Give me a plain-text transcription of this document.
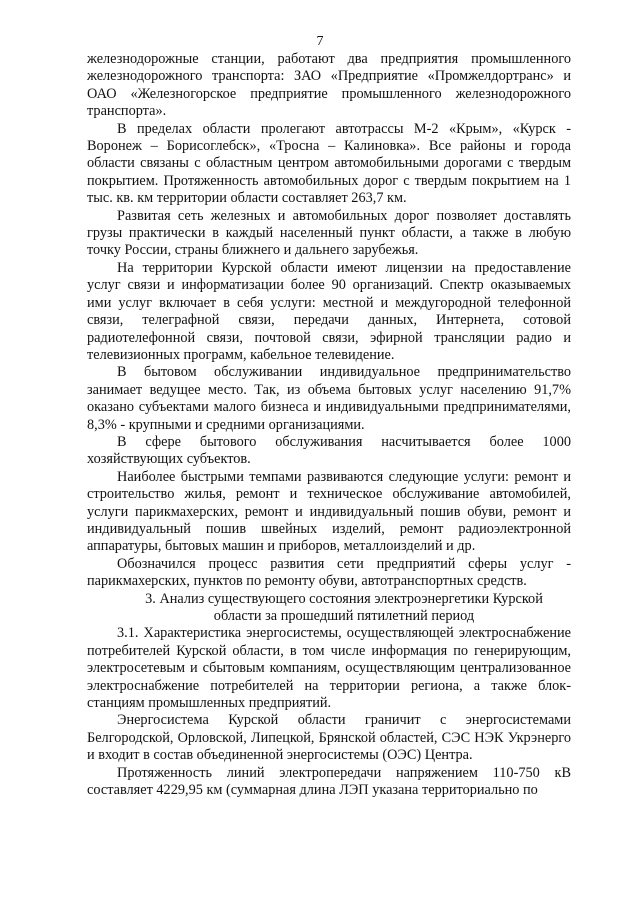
7

железнодорожные станции, работают два предприятия промышленного железнодорожного транспорта: ЗАО «Предприятие «Промжелдортранс» и ОАО «Железногорское предприятие промышленного железнодорожного транспорта».

В пределах области пролегают автотрассы М-2 «Крым», «Курск - Воронеж – Борисоглебск», «Тросна – Калиновка». Все районы и города области связаны с областным центром автомобильными дорогами с твердым покрытием. Протяженность автомобильных дорог с твердым покрытием на 1 тыс. кв. км территории области составляет 263,7 км.

Развитая сеть железных и автомобильных дорог позволяет доставлять грузы практически в каждый населенный пункт области, а также в любую точку России, страны ближнего и дальнего зарубежья.

На территории Курской области имеют лицензии на предоставление услуг связи и информатизации более 90 организаций. Спектр оказываемых ими услуг включает в себя услуги: местной и междугородной телефонной связи, телеграфной связи, передачи данных, Интернета, сотовой радиотелефонной связи, почтовой связи, эфирной трансляции радио и телевизионных программ, кабельное телевидение.

В бытовом обслуживании индивидуальное предпринимательство занимает ведущее место. Так, из объема бытовых услуг населению 91,7% оказано субъектами малого бизнеса и индивидуальными предпринимателями, 8,3% - крупными и средними организациями.

В сфере бытового обслуживания насчитывается более 1000 хозяйствующих субъектов.

Наиболее быстрыми темпами развиваются следующие услуги: ремонт и строительство жилья, ремонт и техническое обслуживание автомобилей, услуги парикмахерских, ремонт и индивидуальный пошив обуви, ремонт и индивидуальный пошив швейных изделий, ремонт радиоэлектронной аппаратуры, бытовых машин и приборов, металлоизделий и др.

Обозначился процесс развития сети предприятий сферы услуг - парикмахерских, пунктов по ремонту обуви, автотранспортных средств.

3. Анализ существующего состояния электроэнергетики Курской
области за прошедший пятилетний период

3.1. Характеристика энергосистемы, осуществляющей электроснабжение потребителей Курской области, в том числе информация по генерирующим, электросетевым и сбытовым компаниям, осуществляющим централизованное электроснабжение потребителей на территории региона, а также блок-станциям промышленных предприятий.

Энергосистема Курской области граничит с энергосистемами Белгородской, Орловской, Липецкой, Брянской областей, СЭС НЭК Укрэнерго и входит в состав объединенной энергосистемы (ОЭС) Центра.

Протяженность линий электропередачи напряжением 110-750 кВ составляет 4229,95 км (суммарная длина ЛЭП указана территориально по
